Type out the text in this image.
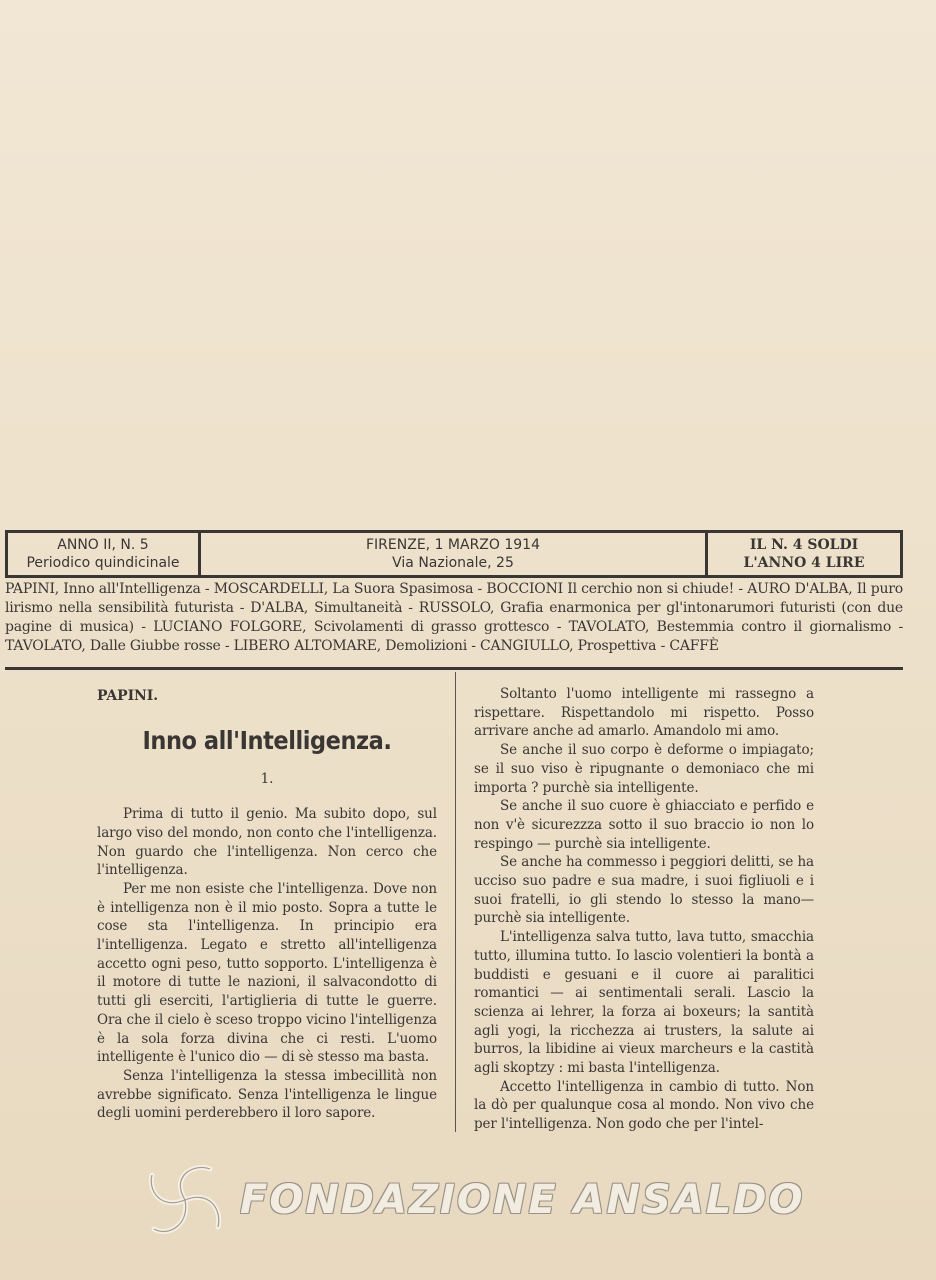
ANNO II, N. 5
Periodico quindicinale
FIRENZE, 1 MARZO 1914
Via Nazionale, 25
IL N. 4 SOLDI
L'ANNO 4 LIRE
PAPINI, Inno all'Intelligenza - MOSCARDELLI, La Suora Spasimosa - BOCCIONI Il cerchio non si chiude! - AURO D'ALBA, Il puro lirismo nella sensibilità futurista - D'ALBA, Simultaneità - RUSSOLO, Grafia enarmonica per gl'intonarumori futuristi (con due pagine di musica) - LUCIANO FOLGORE, Scivolamenti di grasso grottesco - TAVOLATO, Bestemmia contro il giornalismo - TAVOLATO, Dalle Giubbe rosse - LIBERO ALTOMARE, Demolizioni - CANGIULLO, Prospettiva - CAFFÈ

PAPINI.

Inno all'Intelligenza.

1.

Prima di tutto il genio. Ma subito dopo, sul largo viso del mondo, non conto che l'intelligenza. Non guardo che l'intelligenza. Non cerco che l'intelligenza.

Per me non esiste che l'intelligenza. Dove non è intelligenza non è il mio posto. Sopra a tutte le cose sta l'intelligenza. In principio era l'intelligenza. Legato e stretto all'intelligenza accetto ogni peso, tutto sopporto. L'intelligenza è il motore di tutte le nazioni, il salvacondotto di tutti gli eserciti, l'artiglieria di tutte le guerre. Ora che il cielo è sceso troppo vicino l'intelligenza è la sola forza divina che ci resti. L'uomo intelligente è l'unico dio — di sè stesso ma basta.

Senza l'intelligenza la stessa imbecillità non avrebbe significato. Senza l'intelligenza le lingue degli uomini perderebbero il loro sapore.

Soltanto l'uomo intelligente mi rassegno a rispettare. Rispettandolo mi rispetto. Posso arrivare anche ad amarlo. Amandolo mi amo.

Se anche il suo corpo è deforme o impiagato; se il suo viso è ripugnante o demoniaco che mi importa ? purchè sia intelligente.

Se anche il suo cuore è ghiacciato e perfido e non v'è sicurezzza sotto il suo braccio io non lo respingo — purchè sia intelligente.

Se anche ha commesso i peggiori delitti, se ha ucciso suo padre e sua madre, i suoi figliuoli e i suoi fratelli, io gli stendo lo stesso la mano— purchè sia intelligente.

L'intelligenza salva tutto, lava tutto, smacchia tutto, illumina tutto. Io lascio volentieri la bontà a buddisti e gesuani e il cuore ai paralitici romantici — ai sentimentali serali. Lascio la scienza ai lehrer, la forza ai boxeurs; la santità agli yogi, la ricchezza ai trusters, la salute ai burros, la libidine ai vieux marcheurs e la castità agli skoptzy : mi basta l'intelligenza.

Accetto l'intelligenza in cambio di tutto. Non la dò per qualunque cosa al mondo. Non vivo che per l'intelligenza. Non godo che per l'intel-

FONDAZIONE ANSALDO
